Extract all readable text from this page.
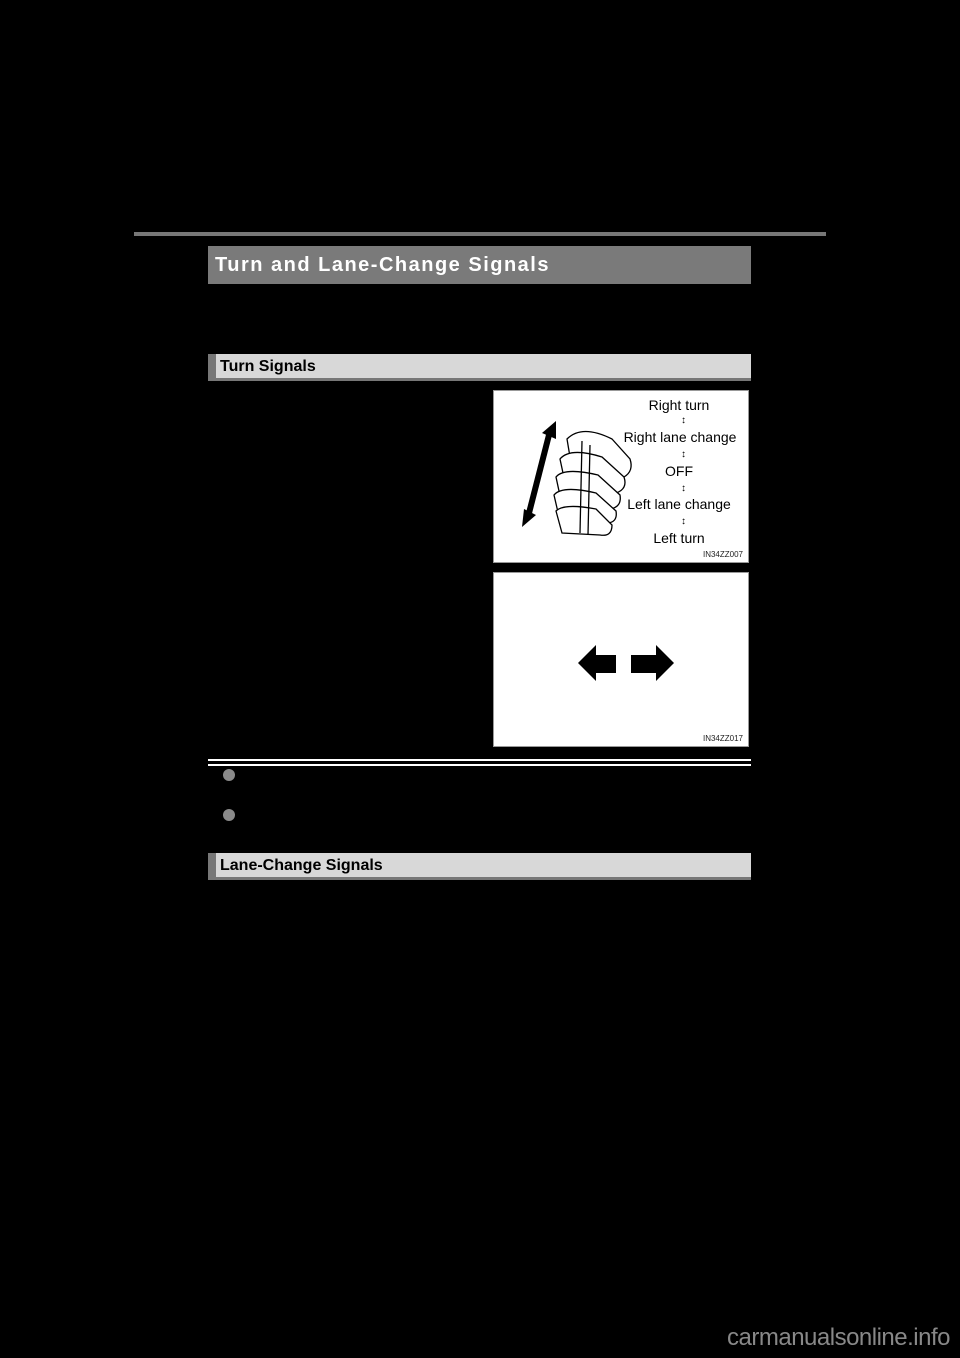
Turn and Lane-Change Signals
Turn Signals
Right turn
↕
Right lane change
↕
OFF
↕
Left lane change
↕
Left turn
IN34ZZ007
IN34ZZ017
Lane-Change Signals
carmanualsonline.info
